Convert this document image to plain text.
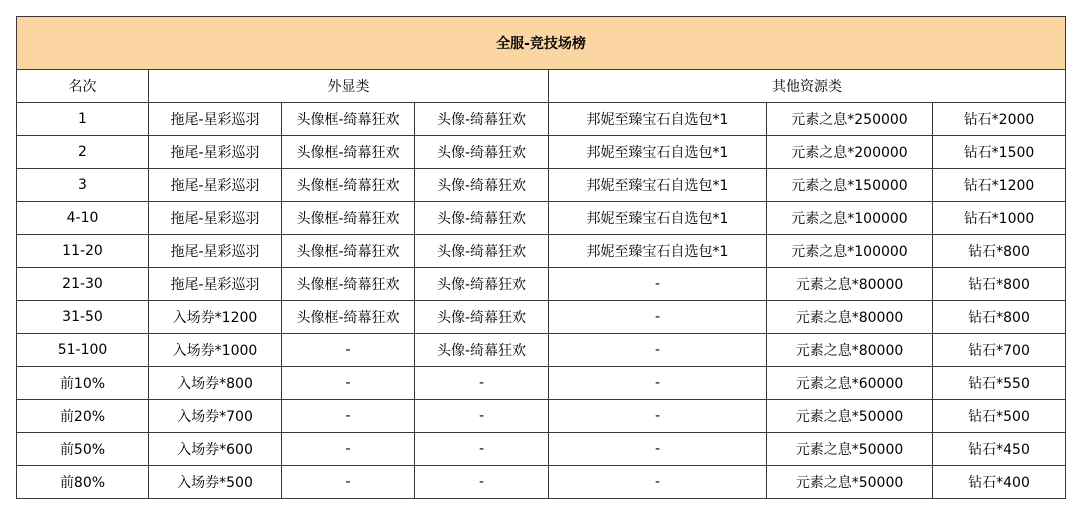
全服-竞技场榜						
名次	外显类			其他资源类		
1	拖尾-星彩巡羽	头像框-绮幕狂欢	头像-绮幕狂欢	邦妮至臻宝石自选包*1	元素之息*250000	钻石*2000
2	拖尾-星彩巡羽	头像框-绮幕狂欢	头像-绮幕狂欢	邦妮至臻宝石自选包*1	元素之息*200000	钻石*1500
3	拖尾-星彩巡羽	头像框-绮幕狂欢	头像-绮幕狂欢	邦妮至臻宝石自选包*1	元素之息*150000	钻石*1200
4-10	拖尾-星彩巡羽	头像框-绮幕狂欢	头像-绮幕狂欢	邦妮至臻宝石自选包*1	元素之息*100000	钻石*1000
11-20	拖尾-星彩巡羽	头像框-绮幕狂欢	头像-绮幕狂欢	邦妮至臻宝石自选包*1	元素之息*100000	钻石*800
21-30	拖尾-星彩巡羽	头像框-绮幕狂欢	头像-绮幕狂欢	-	元素之息*80000	钻石*800
31-50	入场券*1200	头像框-绮幕狂欢	头像-绮幕狂欢	-	元素之息*80000	钻石*800
51-100	入场券*1000	-	头像-绮幕狂欢	-	元素之息*80000	钻石*700
前10%	入场券*800	-	-	-	元素之息*60000	钻石*550
前20%	入场券*700	-	-	-	元素之息*50000	钻石*500
前50%	入场券*600	-	-	-	元素之息*50000	钻石*450
前80%	入场券*500	-	-	-	元素之息*50000	钻石*400
